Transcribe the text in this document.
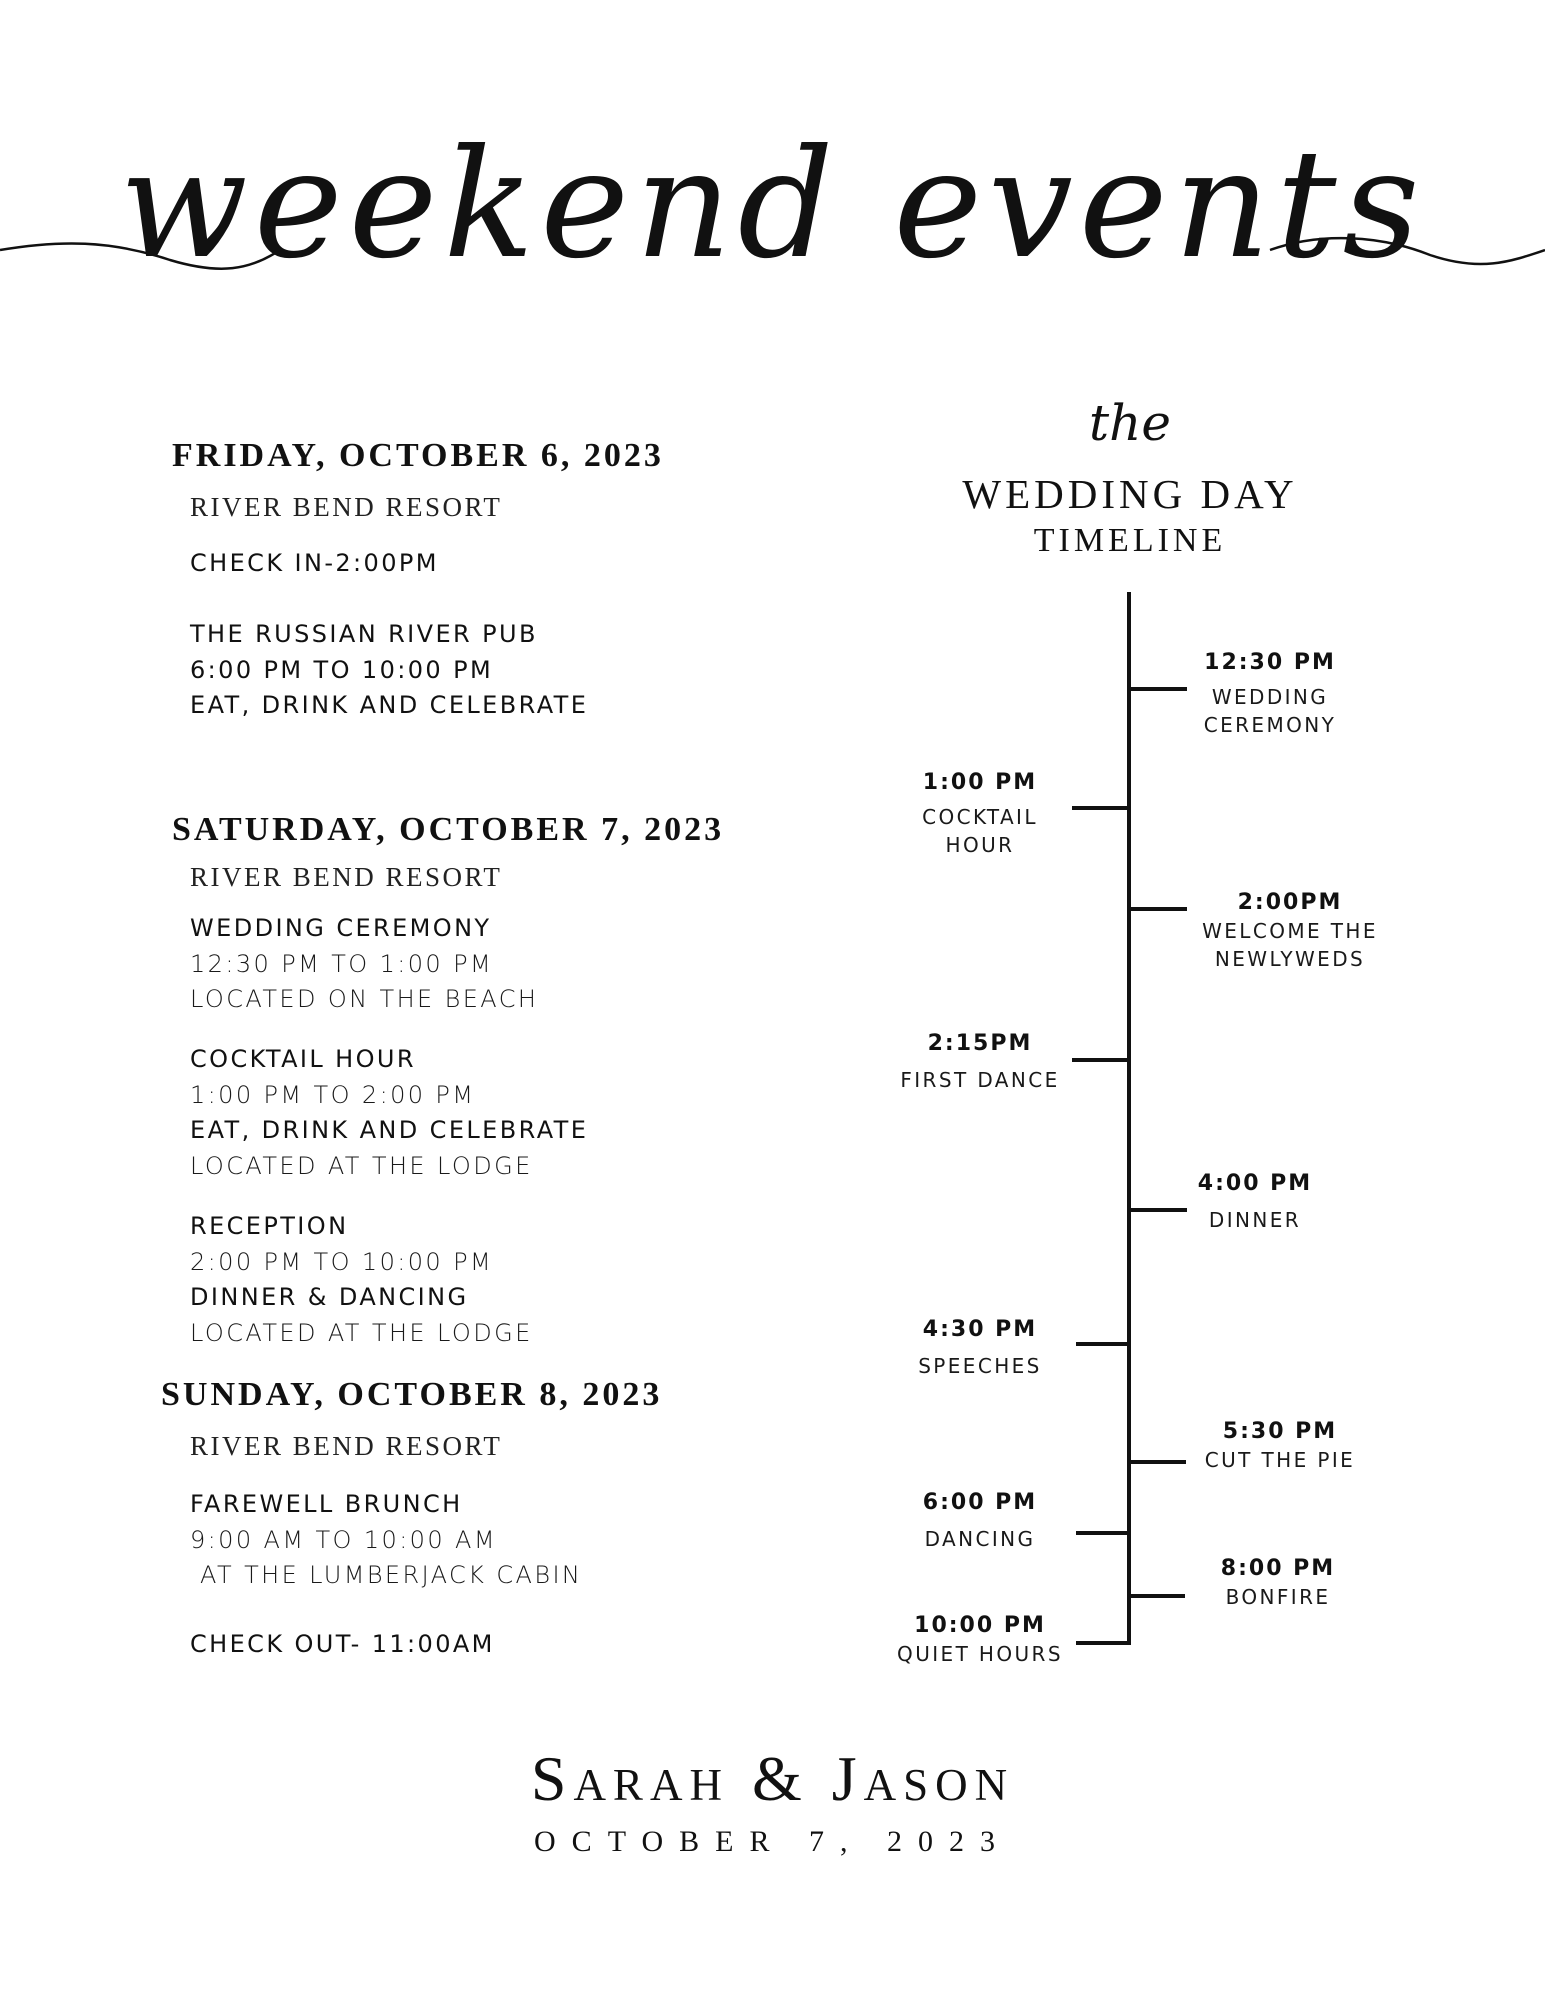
weekend events
FRIDAY, OCTOBER 6, 2023
RIVER BEND RESORT
CHECK IN-2:00PM
THE RUSSIAN RIVER PUB
6:00 PM TO 10:00 PM
EAT, DRINK AND CELEBRATE
SATURDAY, OCTOBER 7, 2023
RIVER BEND RESORT
WEDDING CEREMONY
12:30 PM TO 1:00 PM
LOCATED ON THE BEACH
COCKTAIL HOUR
1:00 PM TO 2:00 PM
EAT, DRINK AND CELEBRATE
LOCATED AT THE LODGE
RECEPTION
2:00 PM TO 10:00 PM
DINNER & DANCING
LOCATED AT THE LODGE
SUNDAY, OCTOBER 8, 2023
RIVER BEND RESORT
FAREWELL BRUNCH
9:00 AM TO 10:00 AM
AT THE LUMBERJACK CABIN
CHECK OUT- 11:00AM
the
WEDDING DAY
TIMELINE
12:30 PM
WEDDING
CEREMONY
1:00 PM
COCKTAIL
HOUR
2:00PM
WELCOME THE
NEWLYWEDS
2:15PM
FIRST DANCE
4:00 PM
DINNER
4:30 PM
SPEECHES
5:30 PM
CUT THE PIE
6:00 PM
DANCING
8:00 PM
BONFIRE
10:00 PM
QUIET HOURS
Sarah & Jason
OCTOBER 7, 2023
